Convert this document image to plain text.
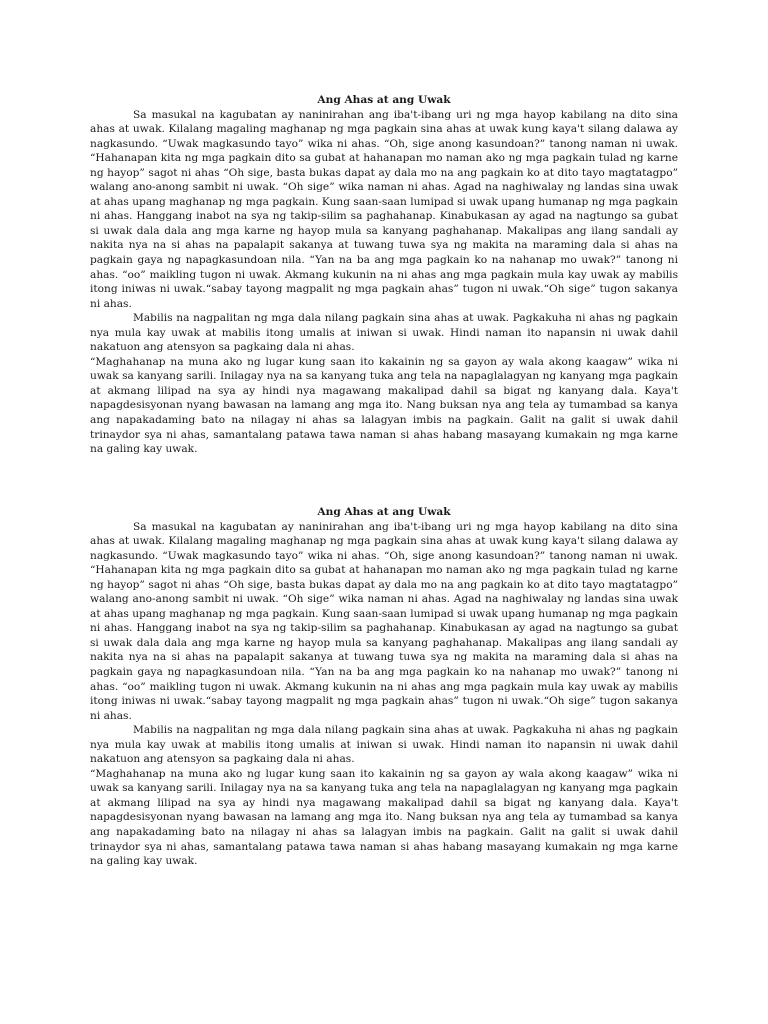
Ang Ahas at ang Uwak

Sa masukal na kagubatan ay naninirahan ang iba't-ibang uri ng mga hayop kabilang na dito sina ahas at uwak. Kilalang magaling maghanap ng mga pagkain sina ahas at uwak kung kaya't silang dalawa ay nagkasundo. “Uwak magkasundo tayo” wika ni ahas. “Oh, sige anong kasundoan?” tanong naman ni uwak. “Hahanapan kita ng mga pagkain dito sa gubat at hahanapan mo naman ako ng mga pagkain tulad ng karne ng hayop” sagot ni ahas “Oh sige, basta bukas dapat ay dala mo na ang pagkain ko at dito tayo magtatagpo” walang ano-anong sambit ni uwak. “Oh sige” wika naman ni ahas. Agad na naghiwalay ng landas sina uwak at ahas upang maghanap ng mga pagkain. Kung saan-saan lumipad si uwak upang humanap ng mga pagkain ni ahas. Hanggang inabot na sya ng takip-silim sa paghahanap. Kinabukasan ay agad na nagtungo sa gubat si uwak dala dala ang mga karne ng hayop mula sa kanyang paghahanap. Makalipas ang ilang sandali ay nakita nya na si ahas na papalapit sakanya at tuwang tuwa sya ng makita na maraming dala si ahas na pagkain gaya ng napagkasundoan nila. “Yan na ba ang mga pagkain ko na nahanap mo uwak?” tanong ni ahas. “oo” maikling tugon ni uwak. Akmang kukunin na ni ahas ang mga pagkain mula kay uwak ay mabilis itong iniwas ni uwak.“sabay tayong magpalit ng mga pagkain ahas” tugon ni uwak.“Oh sige” tugon sakanya ni ahas.

Mabilis na nagpalitan ng mga dala nilang pagkain sina ahas at uwak. Pagkakuha ni ahas ng pagkain nya mula kay uwak at mabilis itong umalis at iniwan si uwak. Hindi naman ito napansin ni uwak dahil nakatuon ang atensyon sa pagkaing dala ni ahas.

“Maghahanap na muna ako ng lugar kung saan ito kakainin ng sa gayon ay wala akong kaagaw” wika ni uwak sa kanyang sarili. Inilagay nya na sa kanyang tuka ang tela na napaglalagyan ng kanyang mga pagkain at akmang lilipad na sya ay hindi nya magawang makalipad dahil sa bigat ng kanyang dala. Kaya't napagdesisyonan nyang bawasan na lamang ang mga ito. Nang buksan nya ang tela ay tumambad sa kanya ang napakadaming bato na nilagay ni ahas sa lalagyan imbis na pagkain. Galit na galit si uwak dahil trinaydor sya ni ahas, samantalang patawa tawa naman si ahas habang masayang kumakain ng mga karne na galing kay uwak.

Ang Ahas at ang Uwak

Sa masukal na kagubatan ay naninirahan ang iba't-ibang uri ng mga hayop kabilang na dito sina ahas at uwak. Kilalang magaling maghanap ng mga pagkain sina ahas at uwak kung kaya't silang dalawa ay nagkasundo. “Uwak magkasundo tayo” wika ni ahas. “Oh, sige anong kasundoan?” tanong naman ni uwak. “Hahanapan kita ng mga pagkain dito sa gubat at hahanapan mo naman ako ng mga pagkain tulad ng karne ng hayop” sagot ni ahas “Oh sige, basta bukas dapat ay dala mo na ang pagkain ko at dito tayo magtatagpo” walang ano-anong sambit ni uwak. “Oh sige” wika naman ni ahas. Agad na naghiwalay ng landas sina uwak at ahas upang maghanap ng mga pagkain. Kung saan-saan lumipad si uwak upang humanap ng mga pagkain ni ahas. Hanggang inabot na sya ng takip-silim sa paghahanap. Kinabukasan ay agad na nagtungo sa gubat si uwak dala dala ang mga karne ng hayop mula sa kanyang paghahanap. Makalipas ang ilang sandali ay nakita nya na si ahas na papalapit sakanya at tuwang tuwa sya ng makita na maraming dala si ahas na pagkain gaya ng napagkasundoan nila. “Yan na ba ang mga pagkain ko na nahanap mo uwak?” tanong ni ahas. “oo” maikling tugon ni uwak. Akmang kukunin na ni ahas ang mga pagkain mula kay uwak ay mabilis itong iniwas ni uwak.“sabay tayong magpalit ng mga pagkain ahas” tugon ni uwak.“Oh sige” tugon sakanya ni ahas.

Mabilis na nagpalitan ng mga dala nilang pagkain sina ahas at uwak. Pagkakuha ni ahas ng pagkain nya mula kay uwak at mabilis itong umalis at iniwan si uwak. Hindi naman ito napansin ni uwak dahil nakatuon ang atensyon sa pagkaing dala ni ahas.

“Maghahanap na muna ako ng lugar kung saan ito kakainin ng sa gayon ay wala akong kaagaw” wika ni uwak sa kanyang sarili. Inilagay nya na sa kanyang tuka ang tela na napaglalagyan ng kanyang mga pagkain at akmang lilipad na sya ay hindi nya magawang makalipad dahil sa bigat ng kanyang dala. Kaya't napagdesisyonan nyang bawasan na lamang ang mga ito. Nang buksan nya ang tela ay tumambad sa kanya ang napakadaming bato na nilagay ni ahas sa lalagyan imbis na pagkain. Galit na galit si uwak dahil trinaydor sya ni ahas, samantalang patawa tawa naman si ahas habang masayang kumakain ng mga karne na galing kay uwak.
